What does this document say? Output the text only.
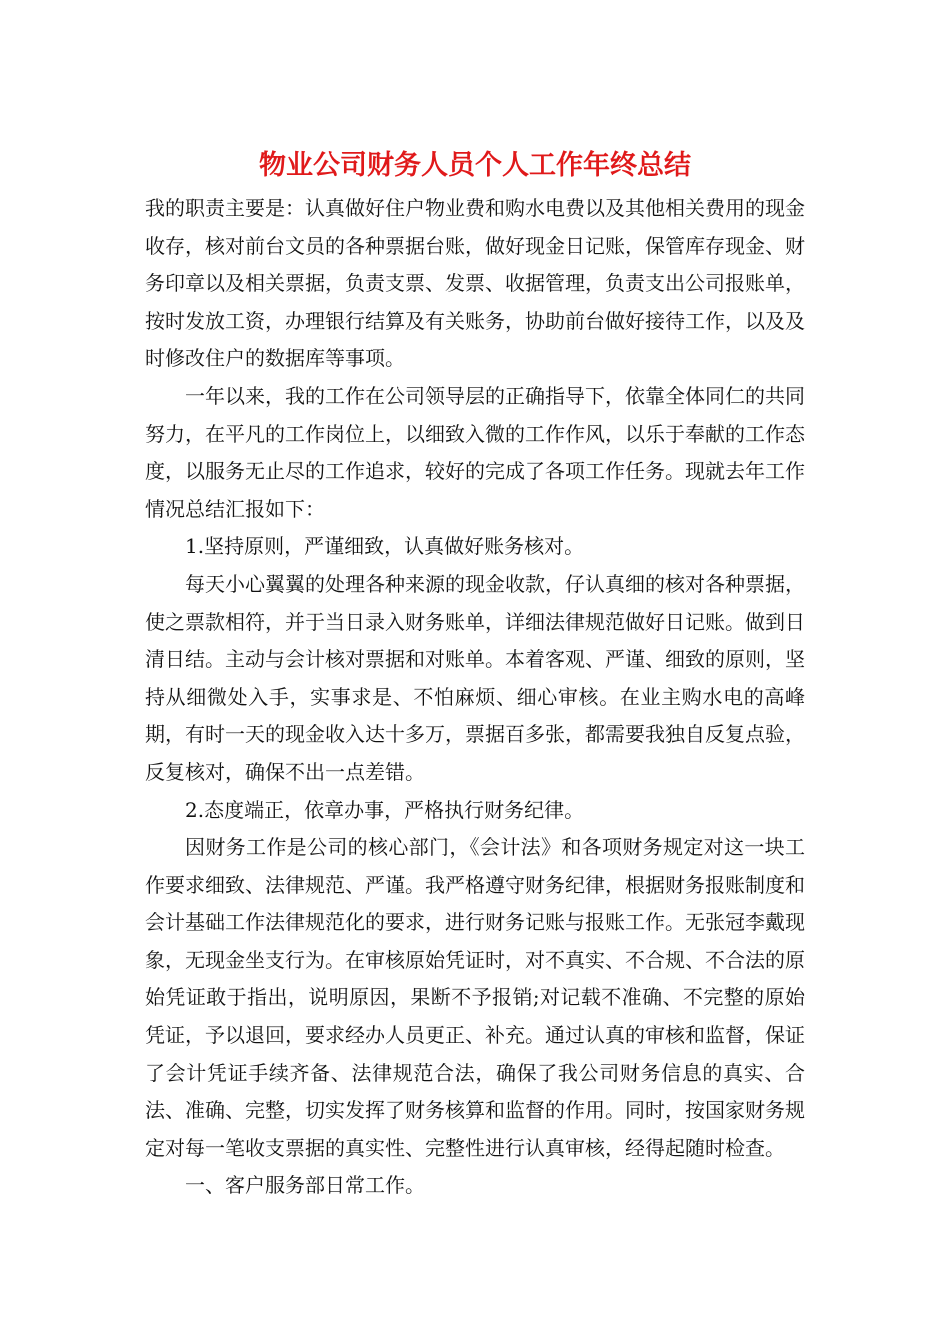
物业公司财务人员个人工作年终总结

我的职责主要是：认真做好住户物业费和购水电费以及其他相关费用的现金收存，核对前台文员的各种票据台账，做好现金日记账，保管库存现金、财务印章以及相关票据，负责支票、发票、收据管理，负责支出公司报账单，按时发放工资，办理银行结算及有关账务，协助前台做好接待工作，以及及时修改住户的数据库等事项。

一年以来，我的工作在公司领导层的正确指导下，依靠全体同仁的共同努力，在平凡的工作岗位上，以细致入微的工作作风，以乐于奉献的工作态度，以服务无止尽的工作追求，较好的完成了各项工作任务。现就去年工作情况总结汇报如下：

1.坚持原则，严谨细致，认真做好账务核对。

每天小心翼翼的处理各种来源的现金收款，仔认真细的核对各种票据，使之票款相符，并于当日录入财务账单，详细法律规范做好日记账。做到日清日结。主动与会计核对票据和对账单。本着客观、严谨、细致的原则，坚持从细微处入手，实事求是、不怕麻烦、细心审核。在业主购水电的高峰期，有时一天的现金收入达十多万，票据百多张，都需要我独自反复点验，反复核对，确保不出一点差错。

2.态度端正，依章办事，严格执行财务纪律。

因财务工作是公司的核心部门，《会计法》和各项财务规定对这一块工作要求细致、法律规范、严谨。我严格遵守财务纪律，根据财务报账制度和会计基础工作法律规范化的要求，进行财务记账与报账工作。无张冠李戴现象，无现金坐支行为。在审核原始凭证时，对不真实、不合规、不合法的原始凭证敢于指出，说明原因，果断不予报销;对记载不准确、不完整的原始凭证，予以退回，要求经办人员更正、补充。通过认真的审核和监督，保证了会计凭证手续齐备、法律规范合法，确保了我公司财务信息的真实、合法、准确、完整，切实发挥了财务核算和监督的作用。同时，按国家财务规定对每一笔收支票据的真实性、完整性进行认真审核，经得起随时检查。

一、客户服务部日常工作。
